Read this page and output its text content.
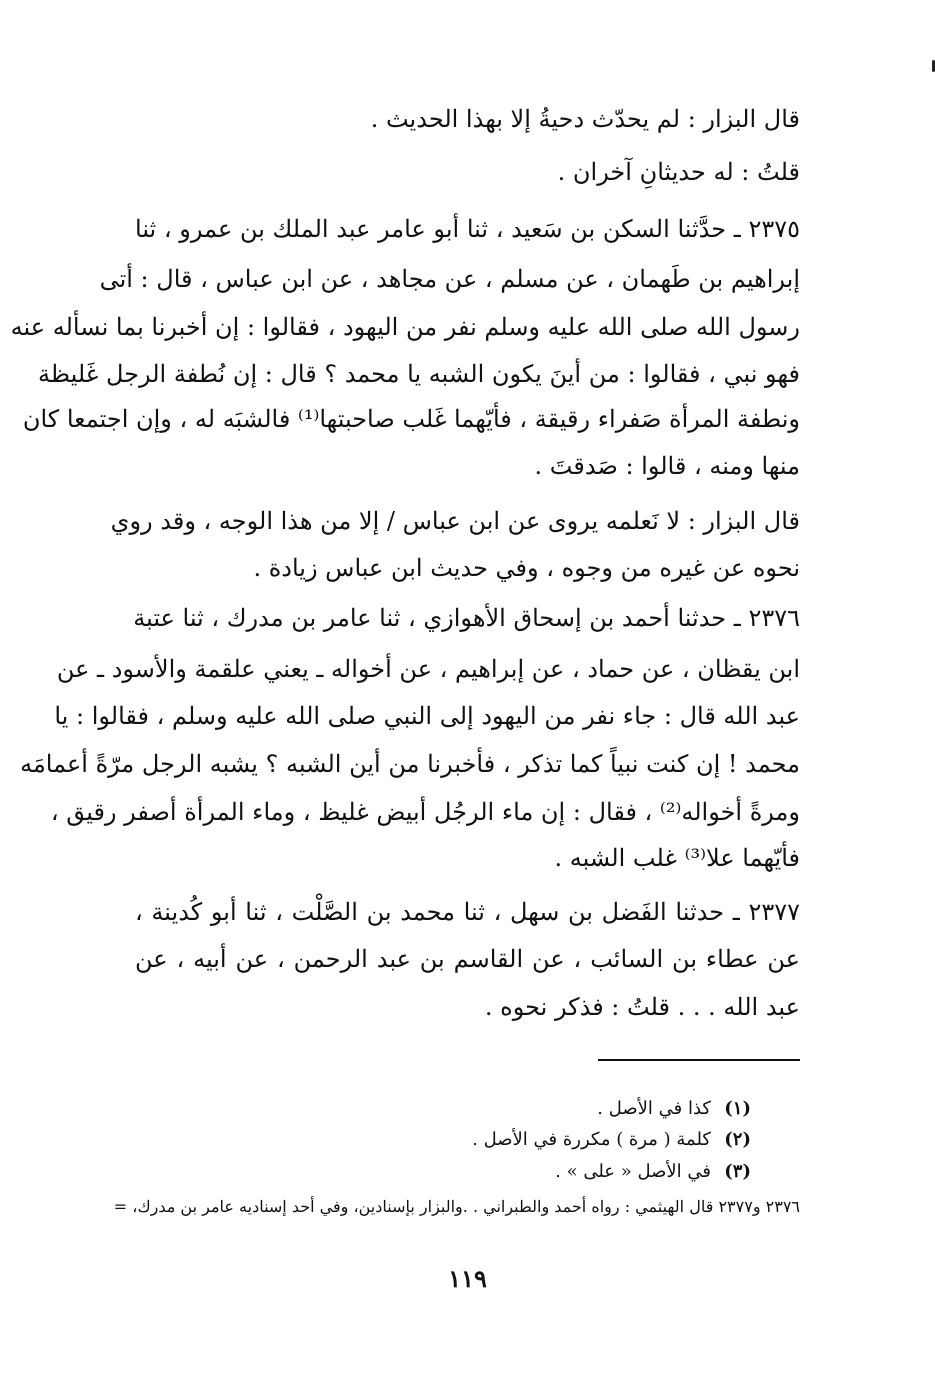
قال البزار : لم يحدّث دحيةُ إلا بهذا الحديث .
قلتُ : له حديثانِ آخران .
٢٣٧٥ ـ حدَّثنا السكن بن سَعيد ، ثنا أبو عامر عبد الملك بن عمرو ، ثنا
إبراهيم بن طَهمان ، عن مسلم ، عن مجاهد ، عن ابن عباس ، قال : أتى
رسول الله صلى الله عليه وسلم نفر من اليهود ، فقالوا : إن أخبرنا بما نسأله عنه
فهو نبي ، فقالوا : من أينَ يكون الشبه يا محمد ؟ قال : إن نُطفة الرجل غَليظة
ونطفة المرأة صَفراء رقيقة ، فأيّهما غَلب صاحبتها⁽¹⁾ فالشبَه له ، وإن اجتمعا كان
منها ومنه ، قالوا : صَدقتَ .
قال البزار : لا نَعلمه يروى عن ابن عباس / إلا من هذا الوجه ، وقد روي
نحوه عن غيره من وجوه ، وفي حديث ابن عباس زيادة .
٢٣٧٦ ـ حدثنا أحمد بن إسحاق الأهوازي ، ثنا عامر بن مدرك ، ثنا عتبة
ابن يقظان ، عن حماد ، عن إبراهيم ، عن أخواله ـ يعني علقمة والأسود ـ عن
عبد الله قال : جاء نفر من اليهود إلى النبي صلى الله عليه وسلم ، فقالوا : يا
محمد ! إن كنت نبياً كما تذكر ، فأخبرنا من أين الشبه ؟ يشبه الرجل مرّةً أعمامَه
ومرةً أخواله⁽²⁾ ، فقال : إن ماء الرجُل أبيض غليظ ، وماء المرأة أصفر رقيق ،
فأيّهما علا⁽³⁾ غلب الشبه .
٢٣٧٧ ـ حدثنا الفَضل بن سهل ، ثنا محمد بن الصَّلْت ، ثنا أبو كُدينة ،
عن عطاء بن السائب ، عن القاسم بن عبد الرحمن ، عن أبيه ، عن
عبد الله . . . قلتُ : فذكر نحوه .
(١)كذا في الأصل .
(٢)كلمة ( مرة ) مكررة في الأصل .
(٣)في الأصل « على » .
٢٣٧٦ و٢٣٧٧ قال الهيثمي : رواه أحمد والطبراني . .والبزار بإسنادين، وفي أحد إسناديه عامر بن مدرك، =
١١٩
